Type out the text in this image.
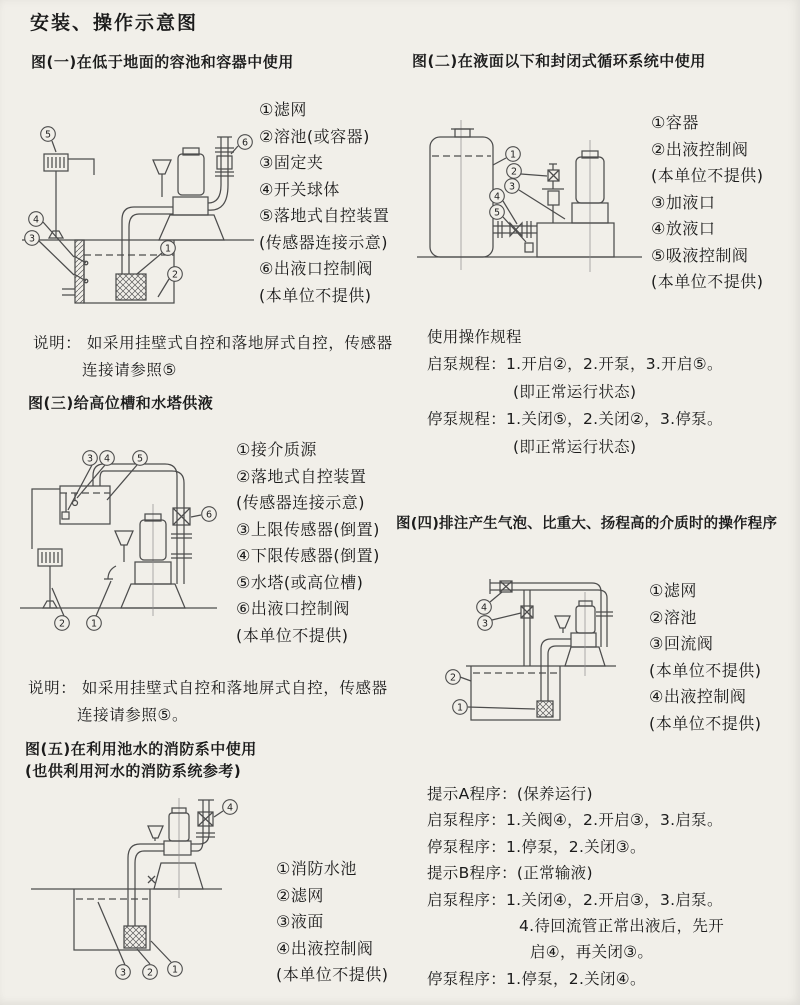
安装、操作示意图
图(一)在低于地面的容池和容器中使用
5
6
4
3
1
2
①滤网
②溶池(或容器)
③固定夹
④开关球体
⑤落地式自控装置
(传感器连接示意)
⑥出液口控制阀
(本单位不提供)
说明： 如采用挂壁式自控和落地屏式自控，传感器
连接请参照⑤
图(二)在液面以下和封闭式循环系统中使用
1
2
3
4
5
①容器
②出液控制阀
(本单位不提供)
③加液口
④放液口
⑤吸液控制阀
(本单位不提供)
使用操作规程
启泵规程：1.开启②，2.开泵，3.开启⑤。
(即正常运行状态)
停泵规程：1.关闭⑤，2.关闭②，3.停泵。
(即正常运行状态)
图(三)给高位槽和水塔供液
3 4	5
6
2	1
①接介质源
②落地式自控装置
(传感器连接示意)
③上限传感器(倒置)
④下限传感器(倒置)
⑤水塔(或高位槽)
⑥出液口控制阀
(本单位不提供)
说明： 如采用挂壁式自控和落地屏式自控，传感器
连接请参照⑤。
图(四)排注产生气泡、比重大、扬程高的介质时的操作程序
4
3
2
1
①滤网
②溶池
③回流阀
(本单位不提供)
④出液控制阀
(本单位不提供)
图(五)在利用池水的消防系中使用
(也供利用河水的消防系统参考)
4
3 2 1
①消防水池
②滤网
③液面
④出液控制阀
(本单位不提供)
提示A程序：(保养运行)
启泵程序：1.关阀④，2.开启③，3.启泵。
停泵程序：1.停泵，2.关闭③。
提示B程序：(正常输液)
启泵程序：1.关闭④，2.开启③，3.启泵。
4.待回流管正常出液后，先开
启④，再关闭③。
停泵程序：1.停泵，2.关闭④。
